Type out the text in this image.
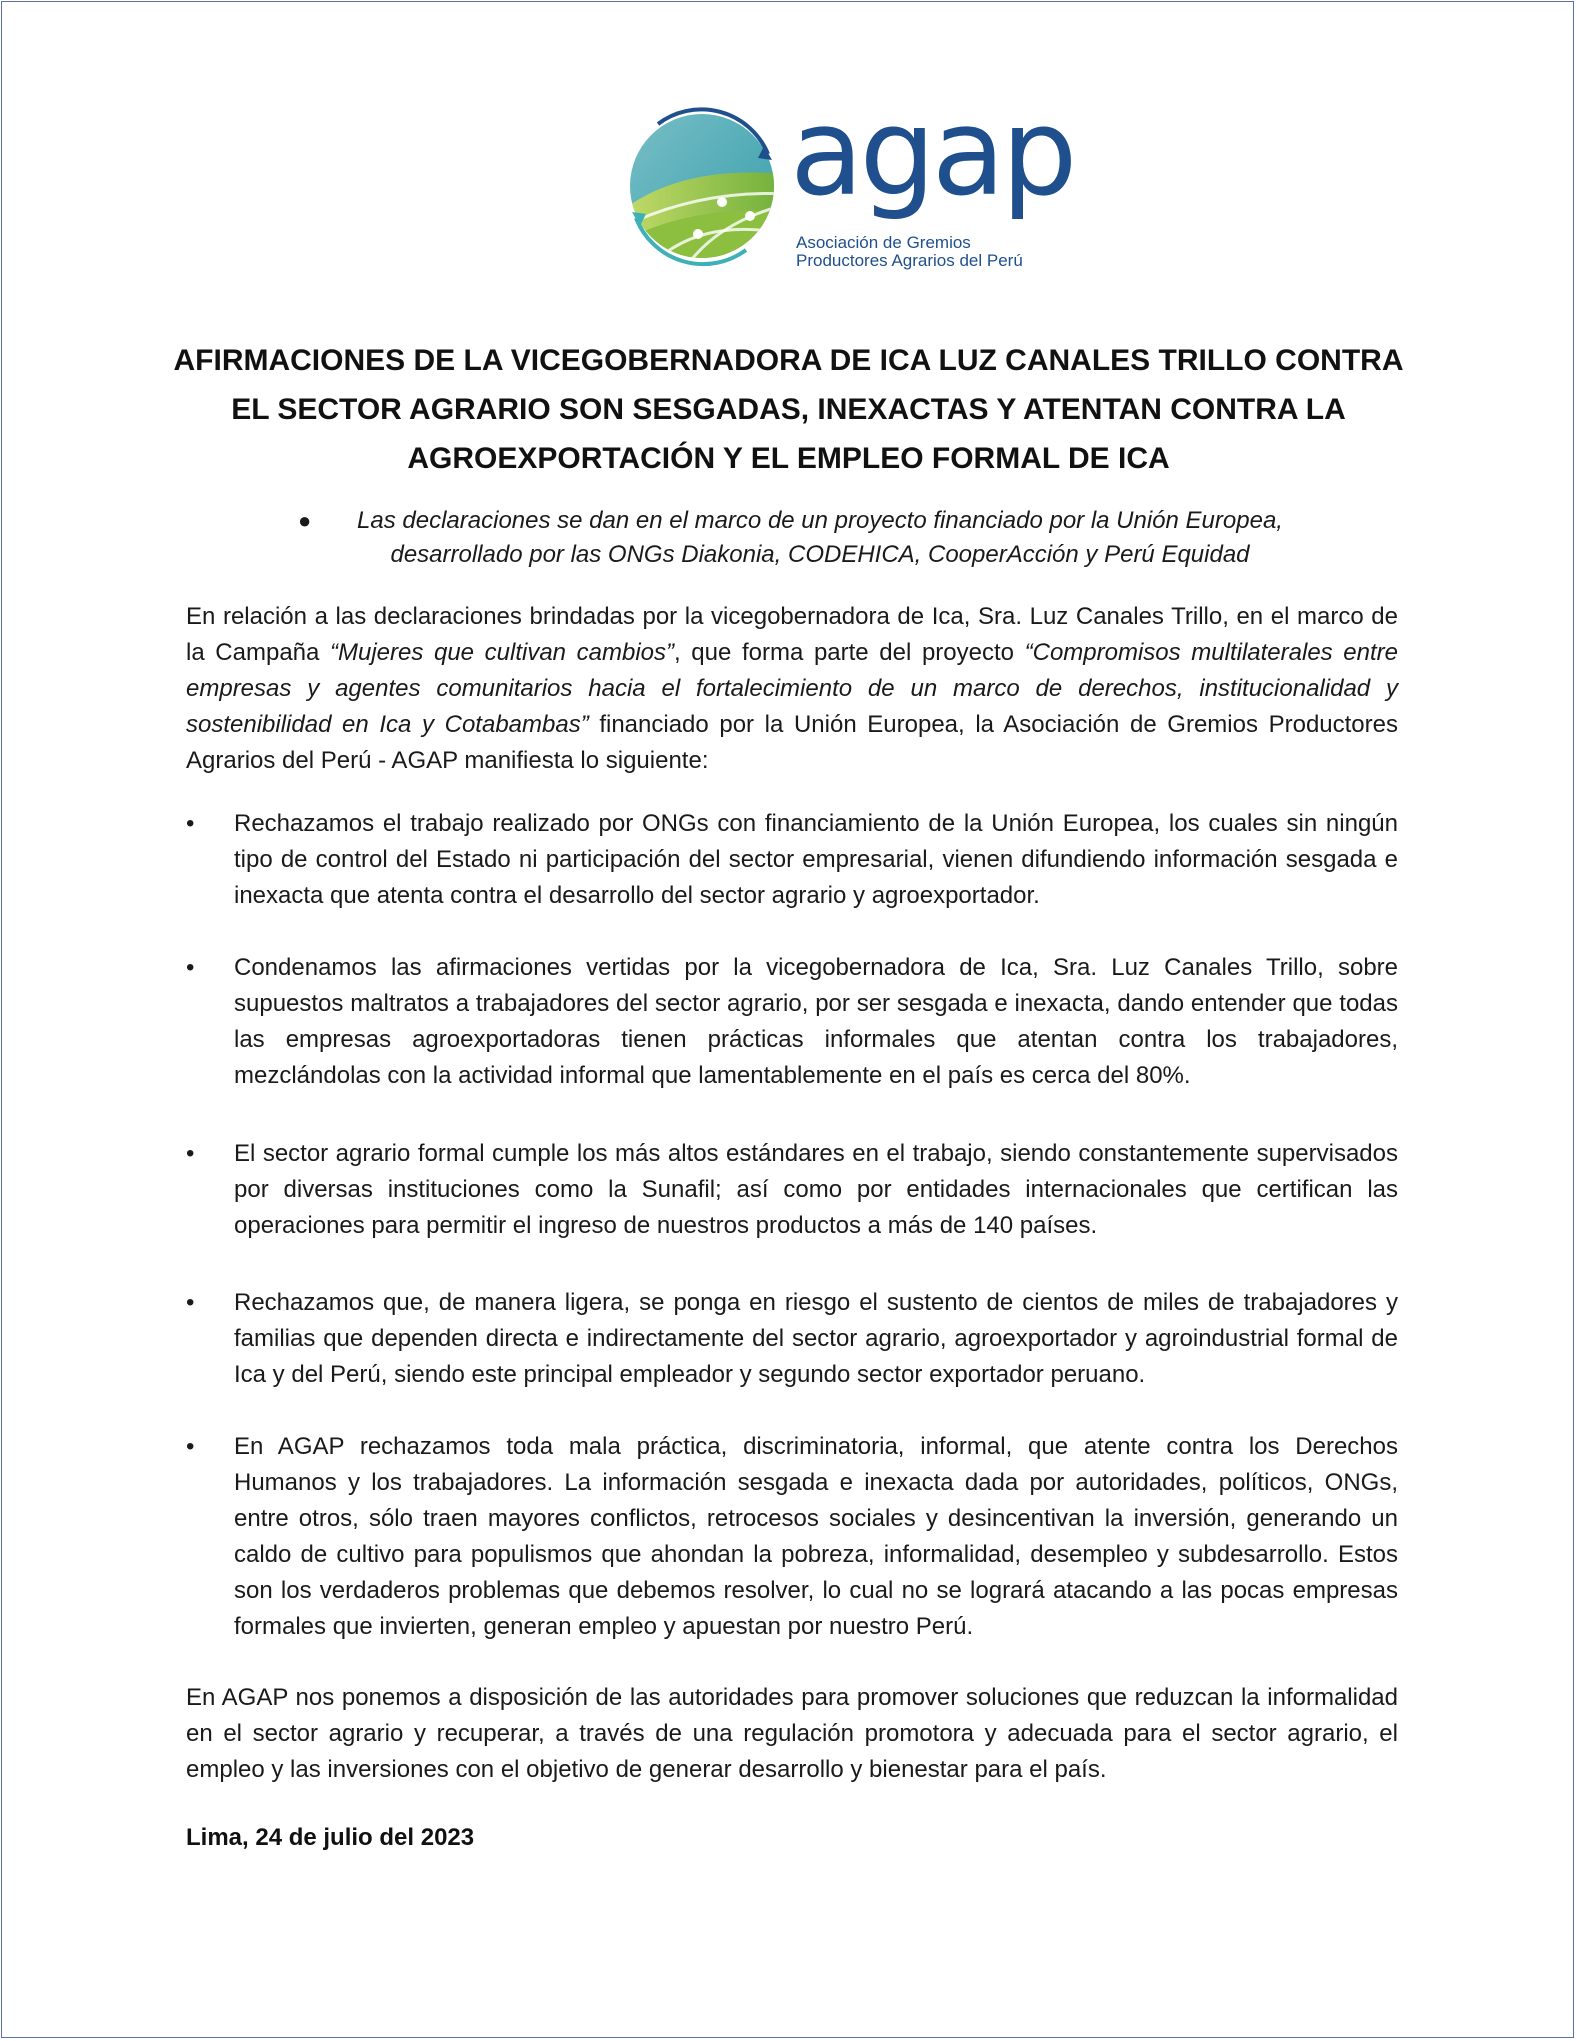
agap
Asociación de Gremios
Productores Agrarios del Perú
AFIRMACIONES DE LA VICEGOBERNADORA DE ICA LUZ CANALES TRILLO CONTRA
EL SECTOR AGRARIO SON SESGADAS, INEXACTAS Y ATENTAN CONTRA LA
AGROEXPORTACIÓN Y EL EMPLEO FORMAL DE ICA
●	Las declaraciones se dan en el marco de un proyecto financiado por la Unión Europea,
desarrollado por las ONGs Diakonia, CODEHICA, CooperAcción y Perú Equidad
En relación a las declaraciones brindadas por la vicegobernadora de Ica, Sra. Luz Canales Trillo, en el marco de la Campaña “Mujeres que cultivan cambios”, que forma parte del proyecto “Compromisos multilaterales entre empresas y agentes comunitarios hacia el fortalecimiento de un marco de derechos, institucionalidad y sostenibilidad en Ica y Cotabambas” financiado por la Unión Europea, la Asociación de Gremios Productores Agrarios del Perú - AGAP manifiesta lo siguiente:
•	Rechazamos el trabajo realizado por ONGs con financiamiento de la Unión Europea, los cuales sin ningún tipo de control del Estado ni participación del sector empresarial, vienen difundiendo información sesgada e inexacta que atenta contra el desarrollo del sector agrario y agroexportador.
•	Condenamos las afirmaciones vertidas por la vicegobernadora de Ica, Sra. Luz Canales Trillo, sobre supuestos maltratos a trabajadores del sector agrario, por ser sesgada e inexacta, dando entender que todas las empresas agroexportadoras tienen prácticas informales que atentan contra los trabajadores, mezclándolas con la actividad informal que lamentablemente en el país es cerca del 80%.
•	El sector agrario formal cumple los más altos estándares en el trabajo, siendo constantemente supervisados por diversas instituciones como la Sunafil; así como por entidades internacionales que certifican las operaciones para permitir el ingreso de nuestros productos a más de 140 países.
•	Rechazamos que, de manera ligera, se ponga en riesgo el sustento de cientos de miles de trabajadores y familias que dependen directa e indirectamente del sector agrario, agroexportador y agroindustrial formal de Ica y del Perú, siendo este principal empleador y segundo sector exportador peruano.
•	En AGAP rechazamos toda mala práctica, discriminatoria, informal, que atente contra los Derechos Humanos y los trabajadores. La información sesgada e inexacta dada por autoridades, políticos, ONGs, entre otros, sólo traen mayores conflictos, retrocesos sociales y desincentivan la inversión, generando un caldo de cultivo para populismos que ahondan la pobreza, informalidad, desempleo y subdesarrollo. Estos son los verdaderos problemas que debemos resolver, lo cual no se logrará atacando a las pocas empresas formales que invierten, generan empleo y apuestan por nuestro Perú.
En AGAP nos ponemos a disposición de las autoridades para promover soluciones que reduzcan la informalidad en el sector agrario y recuperar, a través de una regulación promotora y adecuada para el sector agrario, el empleo y las inversiones con el objetivo de generar desarrollo y bienestar para el país.
Lima, 24 de julio del 2023
